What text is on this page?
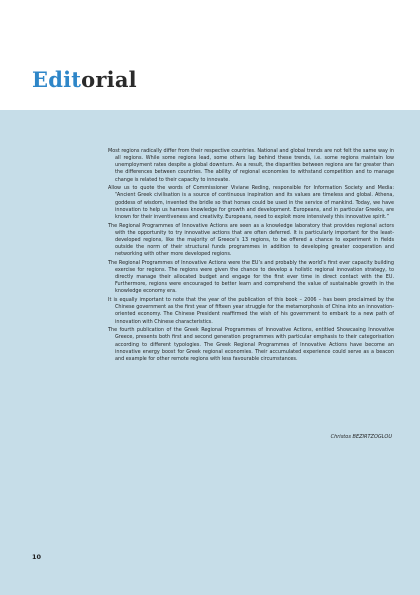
Editorial

Most regions radically differ from their respective countries. National and global trends are not felt the same way in all regions. While some regions lead, some others lag behind these trends, i.e. some regions maintain low unemployment rates despite a global downturn. As a result, the disparities between regions are far greater than the differences between countries. The ability of regional economies to withstand competition and to manage change is related to their capacity to innovate.

Allow us to quote the words of Commissioner Viviane Reding, responsible for Information Society and Media: “Ancient Greek civilisation is a source of continuous inspiration and its values are timeless and global. Athena, goddess of wisdom, invented the bridle so that horses could be used in the service of mankind. Today, we have innovation to help us harness knowledge for growth and development. Europeans, and in particular Greeks, are known for their inventiveness and creativity. Europeans, need to exploit more intensively this innovative spirit.”

The Regional Programmes of Innovative Actions are seen as a knowledge laboratory that provides regional actors with the opportunity to try innovative actions that are often deferred. It is particularly important for the least-developed regions, like the majority of Greece’s 13 regions, to be offered a chance to experiment in fields outside the norm of their structural funds programmes in addition to developing greater cooperation and networking with other more developed regions.

The Regional Programmes of Innovative Actions were the EU’s and probably the world’s first ever capacity building exercise for regions. The regions were given the chance to develop a holistic regional innovation strategy, to directly manage their allocated budget and engage for the first ever time in direct contact with the EU. Furthermore, regions were encouraged to better learn and comprehend the value of sustainable growth in the knowledge economy era.

It is equally important to note that the year of the publication of this book – 2006 – has been proclaimed by the Chinese government as the first year of fifteen year struggle for the metamorphosis of China into an innovation-oriented economy. The Chinese President reaffirmed the wish of his government to embark to a new path of innovation with Chinese characteristics.

The fourth publication of the Greek Regional Programmes of Innovative Actions, entitled Showcasing Innovative Greece, presents both first and second generation programmes with particular emphasis to their categorisation according to different typologies. The Greek Regional Programmes of Innovative Actions have become an innovative energy boost for Greek regional economies. Their accumulated experience could serve as a beacon and example for other remote regions with less favourable circumstances.

Christos BEZIRTZOGLOU
10
